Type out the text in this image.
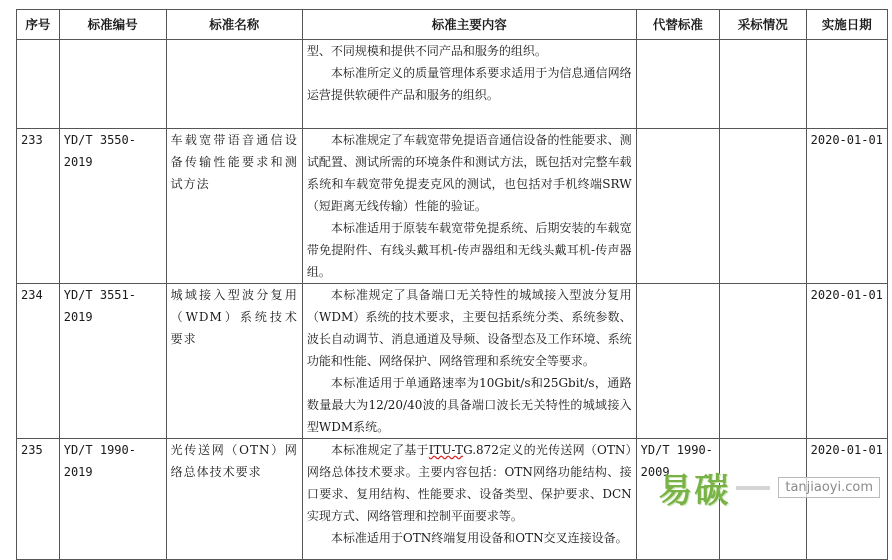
序号	标准编号	标准名称	标准主要内容	代替标准	采标情况	实施日期

			型、不同规模和提供不同产品和服务的组织。

本标准所定义的质量管理体系要求适用于为信息通信网络运营提供软硬件产品和服务的组织。			

233	YD/T 3550-2019	车载宽带语音通信设备传输性能要求和测试方法	本标准规定了车载宽带免提语音通信设备的性能要求、测试配置、测试所需的环境条件和测试方法，既包括对完整车载系统和车载宽带免提麦克风的测试，也包括对手机终端SRW（短距离无线传输）性能的验证。

本标准适用于原装车载宽带免提系统、后期安装的车载宽带免提附件、有线头戴耳机-传声器组和无线头戴耳机-传声器组。			2020-01-01
234	YD/T 3551-2019	城域接入型波分复用（WDM）系统技术要求	本标准规定了具备端口无关特性的城域接入型波分复用（WDM）系统的技术要求，主要包括系统分类、系统参数、波长自动调节、消息通道及导频、设备型态及工作环境、系统功能和性能、网络保护、网络管理和系统安全等要求。

本标准适用于单通路速率为10Gbit/s和25Gbit/s，通路数量最大为12/20/40波的具备端口波长无关特性的城域接入型WDM系统。			2020-01-01
235	YD/T 1990-2019	光传送网（OTN）网络总体技术要求	本标准规定了基于ITU-TG.872定义的光传送网（OTN）网络总体技术要求。主要内容包括：OTN网络功能结构、接口要求、复用结构、性能要求、设备类型、保护要求、DCN实现方式、网络管理和控制平面要求等。

本标准适用于OTN终端复用设备和OTN交叉连接设备。	YD/T 1990-2009		2020-01-01
易碳	tanjiaoyi.com
